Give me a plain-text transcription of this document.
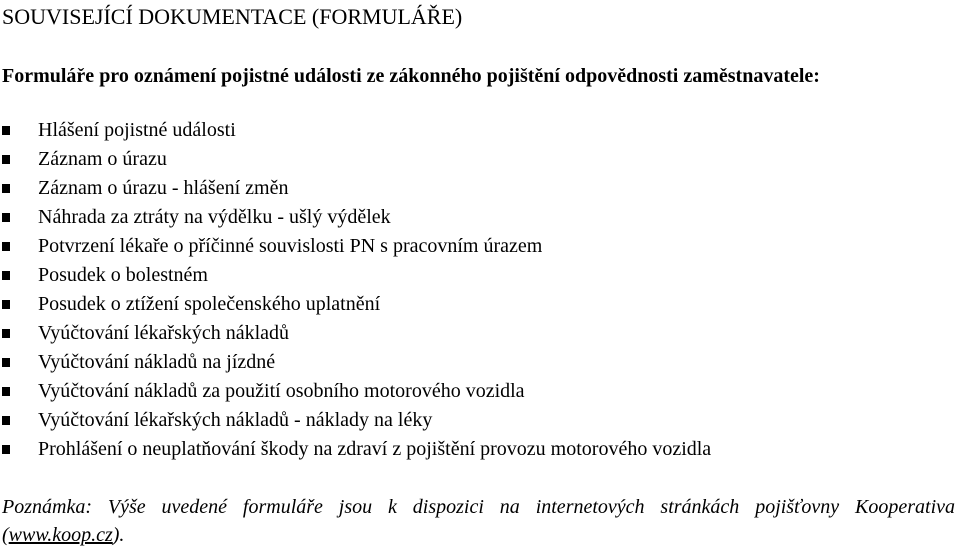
SOUVISEJÍCÍ DOKUMENTACE (FORMULÁŘE)
Formuláře pro oznámení pojistné události ze zákonného pojištění odpovědnosti zaměstnavatele:
Hlášení pojistné události
Záznam o úrazu
Záznam o úrazu - hlášení změn
Náhrada za ztráty na výdělku - ušlý výdělek
Potvrzení lékaře o příčinné souvislosti PN s pracovním úrazem
Posudek o bolestném
Posudek o ztížení společenského uplatnění
Vyúčtování lékařských nákladů
Vyúčtování nákladů na jízdné
Vyúčtování nákladů za použití osobního motorového vozidla
Vyúčtování lékařských nákladů - náklady na léky
Prohlášení o neuplatňování škody na zdraví z pojištění provozu motorového vozidla
Poznámka: Výše uvedené formuláře jsou k dispozici na internetových stránkách pojišťovny Kooperativa (www.koop.cz).
